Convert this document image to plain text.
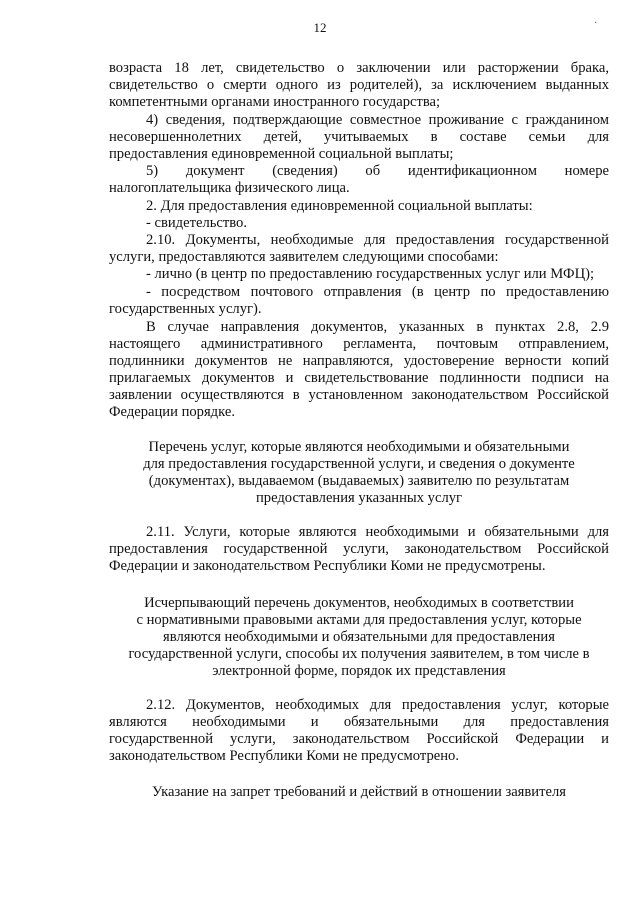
12	·
возраста 18 лет, свидетельство о заключении или расторжении брака,
свидетельство о смерти одного из родителей), за исключением выданных
компетентными органами иностранного государства;
4) сведения, подтверждающие совместное проживание с гражданином
несовершеннолетних детей, учитываемых в составе семьи для
предоставления единовременной социальной выплаты;
5) документ (сведения) об идентификационном номере
налогоплательщика физического лица.
2. Для предоставления единовременной социальной выплаты:
- свидетельство.
2.10. Документы, необходимые для предоставления государственной
услуги, предоставляются заявителем следующими способами:
- лично (в центр по предоставлению государственных услуг или МФЦ);
- посредством почтового отправления (в центр по предоставлению
государственных услуг).
В случае направления документов, указанных в пунктах 2.8, 2.9
настоящего административного регламента, почтовым отправлением,
подлинники документов не направляются, удостоверение верности копий
прилагаемых документов и свидетельствование подлинности подписи на
заявлении осуществляются в установленном законодательством Российской
Федерации порядке.
Перечень услуг, которые являются необходимыми и обязательными
для предоставления государственной услуги, и сведения о документе
(документах), выдаваемом (выдаваемых) заявителю по результатам
предоставления указанных услуг
2.11. Услуги, которые являются необходимыми и обязательными для
предоставления государственной услуги, законодательством Российской
Федерации и законодательством Республики Коми не предусмотрены.
Исчерпывающий перечень документов, необходимых в соответствии
с нормативными правовыми актами для предоставления услуг, которые
являются необходимыми и обязательными для предоставления
государственной услуги, способы их получения заявителем, в том числе в
электронной форме, порядок их представления
2.12. Документов, необходимых для предоставления услуг, которые
являются необходимыми и обязательными для предоставления
государственной услуги, законодательством Российской Федерации и
законодательством Республики Коми не предусмотрено.
Указание на запрет требований и действий в отношении заявителя
